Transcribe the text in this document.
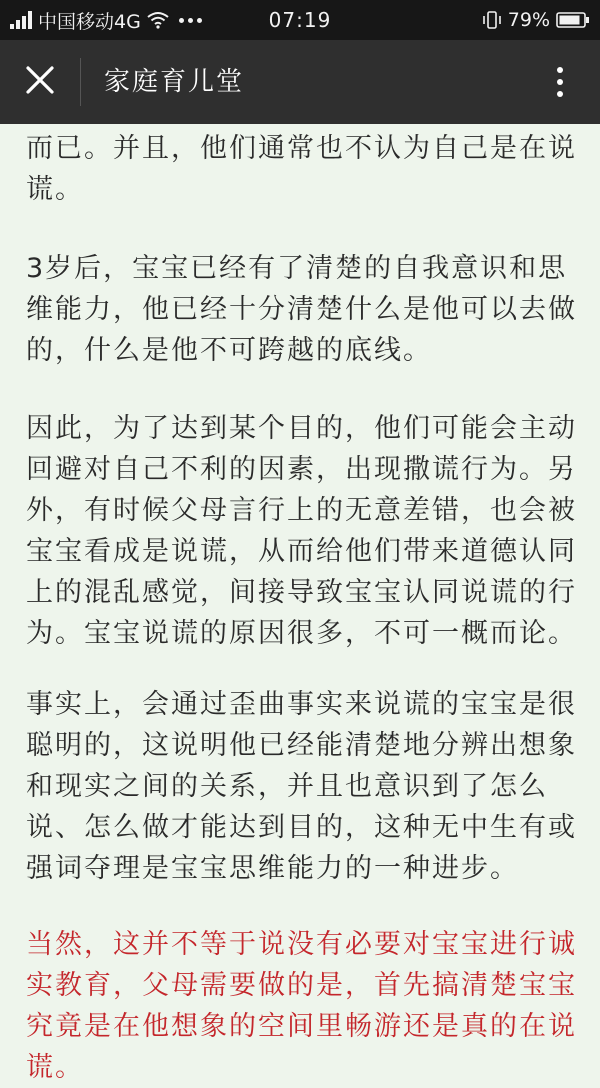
中国移动4G	07:19	79%
家庭育儿堂

而已。并且，他们通常也不认为自己是在说谎。

3岁后，宝宝已经有了清楚的自我意识和思维能力，他已经十分清楚什么是他可以去做的，什么是他不可跨越的底线。

因此，为了达到某个目的，他们可能会主动回避对自己不利的因素，出现撒谎行为。另外，有时候父母言行上的无意差错，也会被宝宝看成是说谎，从而给他们带来道德认同上的混乱感觉，间接导致宝宝认同说谎的行为。宝宝说谎的原因很多，不可一概而论。

事实上，会通过歪曲事实来说谎的宝宝是很聪明的，这说明他已经能清楚地分辨出想象和现实之间的关系，并且也意识到了怎么说、怎么做才能达到目的，这种无中生有或强词夺理是宝宝思维能力的一种进步。

当然，这并不等于说没有必要对宝宝进行诚实教育，父母需要做的是，首先搞清楚宝宝究竟是在他想象的空间里畅游还是真的在说谎。
